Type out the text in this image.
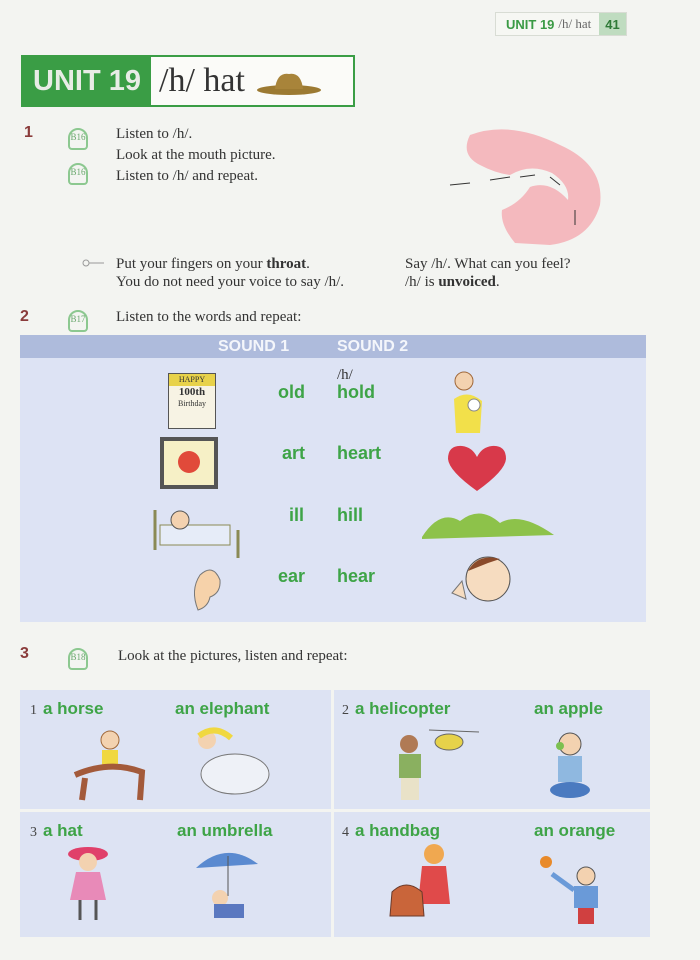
UNIT 19 /h/ hat	41
UNIT 19 /h/ hat
1	B16
B16
Listen to /h/.
Look at the mouth picture.
Listen to /h/ and repeat.
Put your fingers on your throat.	Say /h/. What can you feel?
You do not need your voice to say /h/.	/h/ is unvoiced.
2	B17 Listen to the words and repeat:
SOUND 1	SOUND 2
/h/
HAPPY
100th
Birthday
old hold
art heart
ill hill
ear hear
3	B18 Look at the pictures, listen and repeat:
1 a horse	an elephant	2 a helicopter	an apple
3 a hat	an umbrella	4 a handbag	an orange
